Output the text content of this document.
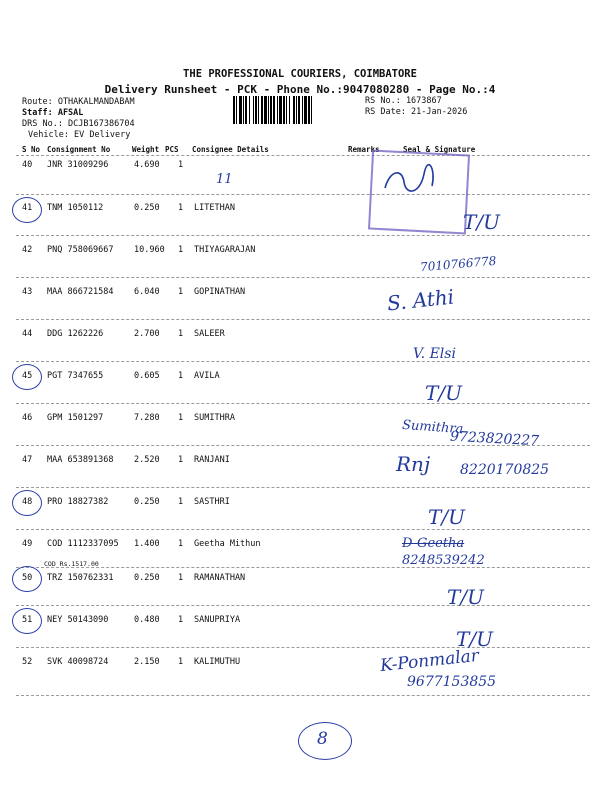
THE PROFESSIONAL COURIERS, COIMBATORE
Delivery Runsheet - PCK - Phone No.:9047080280 - Page No.:4
Route: OTHAKALMANDABAM
Staff: AFSAL
DRS No.: DCJB167386704
Vehicle: EV Delivery
RS No.: 1673867
RS Date: 21-Jan-2026
S No Consignment No	Weight PCS Consignee Details	Remarks	Seal & Signature
40 JNR 31009296	4.690 1
41 TNM 1050112	0.250 1 LITETHAN
42 PNQ 758069667 10.960 1 THIYAGARAJAN
43 MAA 866721584 6.040 1 GOPINATHAN
44 DDG 1262226	2.700 1 SALEER
45 PGT 7347655	0.605 1 AVILA
46 GPM 1501297	7.280 1 SUMITHRA
47 MAA 653891368 2.520 1 RANJANI
48 PRO 18827382	0.250 1 SASTHRI
49 COD 1112337095 1.400 1 Geetha Mithun
COD Rs.1517.00
50 TRZ 150762331 0.250 1 RAMANATHAN
51 NEY 50143090	0.480 1 SANUPRIYA
52 SVK 40098724	2.150 1 KALIMUTHU
11
T/U
7010766778
S. Athi
V. Elsi
T/U
Sumithra
9723820227
Rnj 8220170825
T/U
D-Geetha
8248539242
T/U
T/U
K-Ponmalar
9677153855
8
